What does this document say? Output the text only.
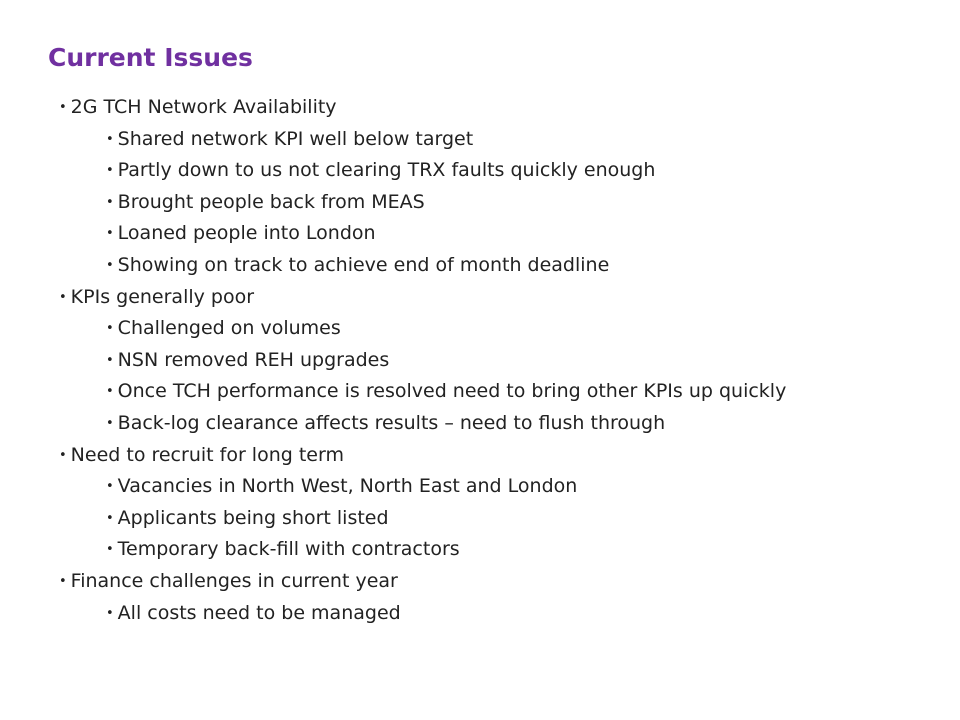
Current Issues
• 2G TCH Network Availability
• Shared network KPI well below target
• Partly down to us not clearing TRX faults quickly enough
• Brought people back from MEAS
• Loaned people into London
• Showing on track to achieve end of month deadline
• KPIs generally poor
• Challenged on volumes
• NSN removed REH upgrades
• Once TCH performance is resolved need to bring other KPIs up quickly
• Back-log clearance affects results – need to flush through
• Need to recruit for long term
• Vacancies in North West, North East and London
• Applicants being short listed
• Temporary back-fill with contractors
• Finance challenges in current year
• All costs need to be managed
